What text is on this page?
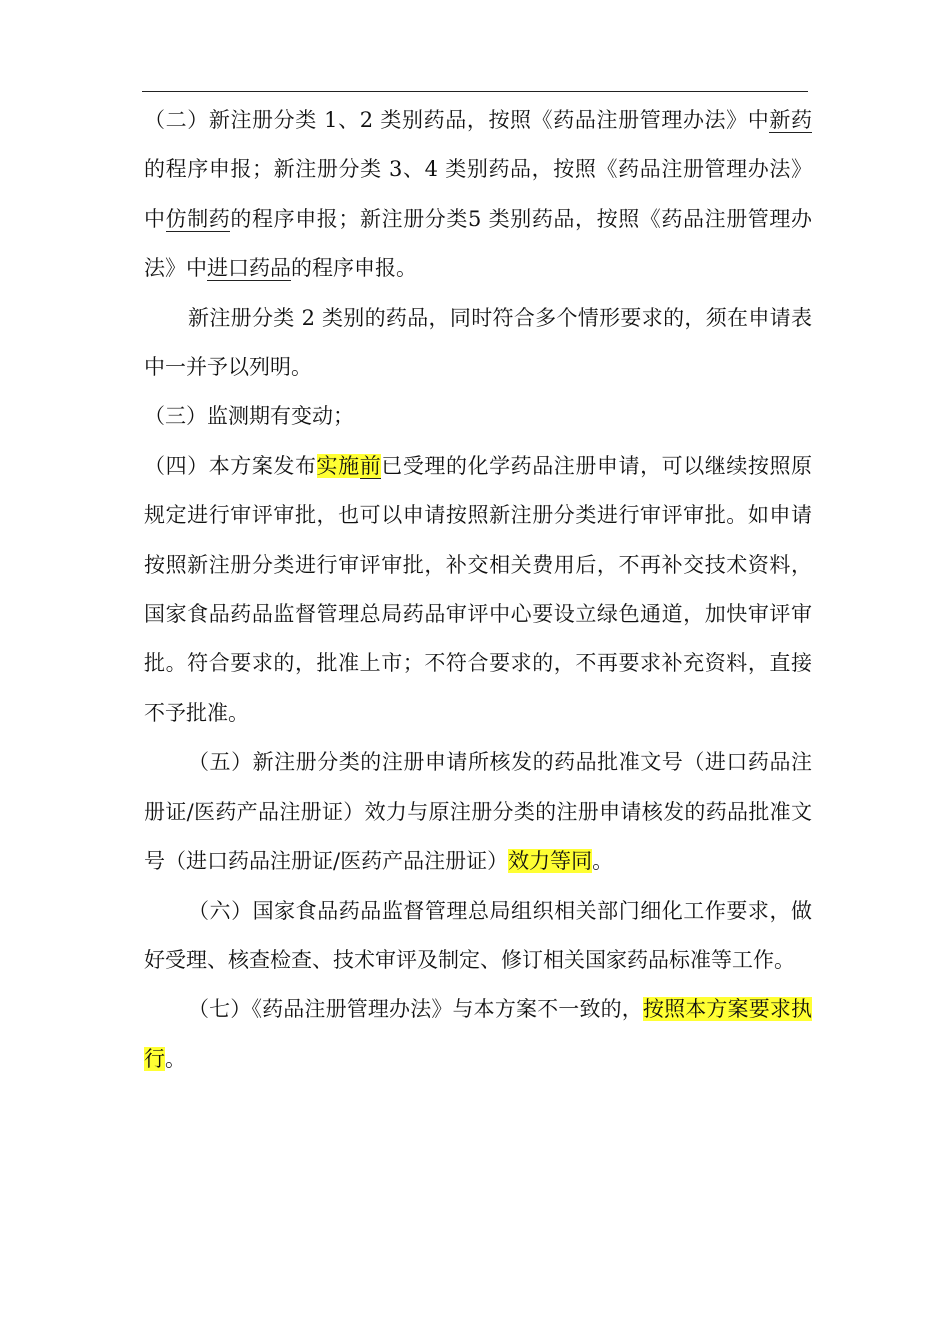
（二）新注册分类 1、2 类别药品，按照《药品注册管理办法》中新药的程序申报；新注册分类 3、4 类别药品，按照《药品注册管理办法》中仿制药的程序申报；新注册分类5 类别药品，按照《药品注册管理办法》中进口药品的程序申报。

新注册分类 2 类别的药品，同时符合多个情形要求的，须在申请表中一并予以列明。

（三）监测期有变动；

（四）本方案发布实施前已受理的化学药品注册申请，可以继续按照原规定进行审评审批，也可以申请按照新注册分类进行审评审批。如申请按照新注册分类进行审评审批，补交相关费用后，不再补交技术资料，国家食品药品监督管理总局药品审评中心要设立绿色通道，加快审评审批。符合要求的，批准上市；不符合要求的，不再要求补充资料，直接不予批准。

（五）新注册分类的注册申请所核发的药品批准文号（进口药品注册证/医药产品注册证）效力与原注册分类的注册申请核发的药品批准文号（进口药品注册证/医药产品注册证）效力等同。

（六）国家食品药品监督管理总局组织相关部门细化工作要求，做好受理、核查检查、技术审评及制定、修订相关国家药品标准等工作。

（七）《药品注册管理办法》与本方案不一致的，按照本方案要求执行。
